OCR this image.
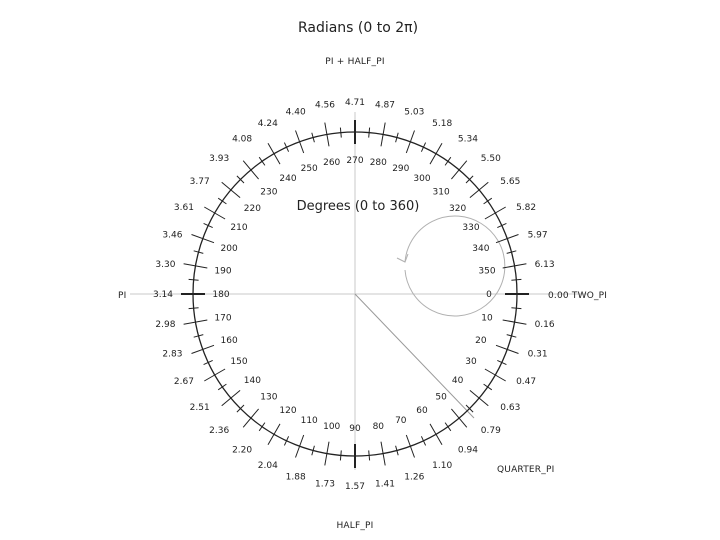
Radians (0 to 2π)
0
10
20
30
40
50
60
70
80
90
100
110
120
130
140
150
160
170
180
190
200
210
220
230
240
250
260 270 280
290
300
310
320
330
340
350
0.16
0.31
0.47
0.63
0.79
0.94
1.10
1.26
1.41
1.57
1.73
1.88
2.04
2.20
2.36
2.51
2.67
2.83
2.98
3.14
3.30
3.46
3.61
3.77
3.93
4.08
4.24
4.40
4.56 4.71 4.87
5.03
5.18
5.34
5.50
5.65
5.82
5.97
6.13
Degrees (0 to 360)
PI + HALF_PI
PI	0.00 TWO_PI
HALF_PI
QUARTER_PI
